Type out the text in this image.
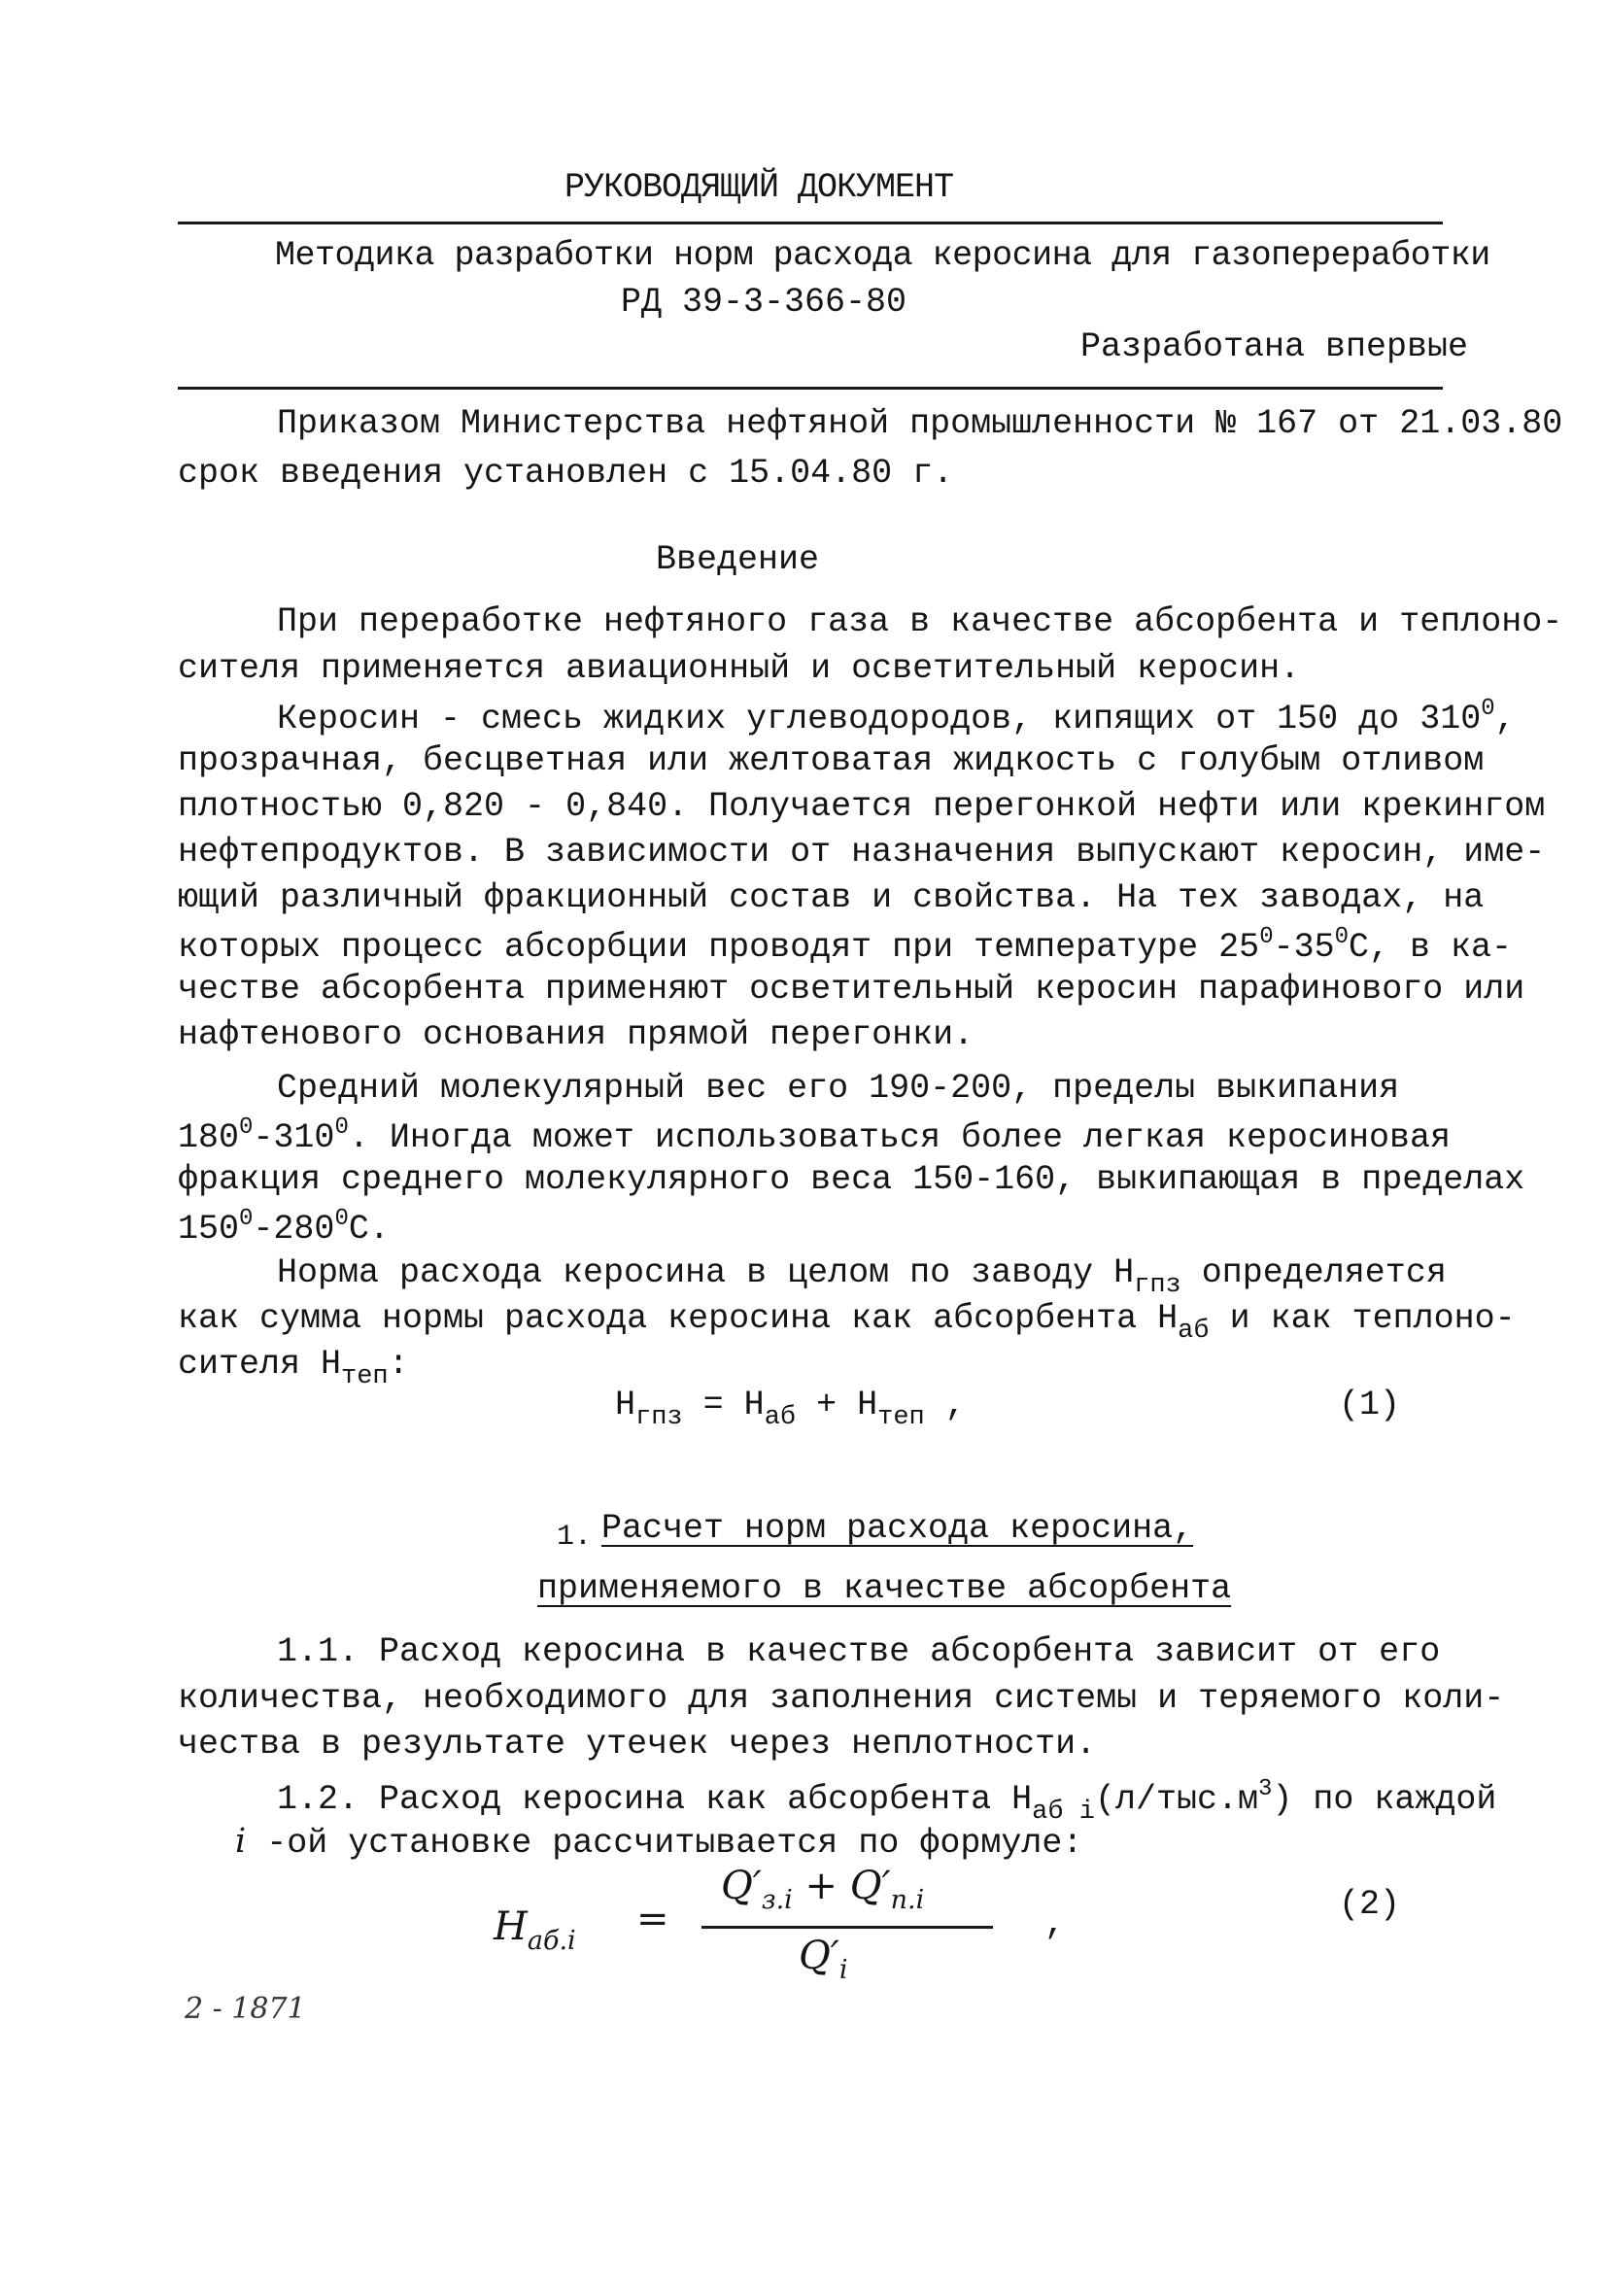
РУКОВОДЯЩИЙ ДОКУМЕНТ
Методика разработки норм расхода керосина для газопереработки
РД 39-3-366-80
Разработана впервые
Приказом Министерства нефтяной промышленности № 167 от 21.03.80
срок введения установлен с 15.04.80 г.
Введение
При переработке нефтяного газа в качестве абсорбента и теплоно-
сителя применяется авиационный и осветительный керосин.
Керосин - смесь жидких углеводородов, кипящих от 150 до $310^0$,
прозрачная, бесцветная или желтоватая жидкость с голубым отливом
плотностью 0,820 - 0,840. Получается перегонкой нефти или крекингом
нефтепродуктов. В зависимости от назначения выпускают керосин, име-
ющий различный фракционный состав и свойства. На тех заводах, на
которых процесс абсорбции проводят при температуре $25^0-35^0С$, в ка-
честве абсорбента применяют осветительный керосин парафинового или
нафтенового основания прямой перегонки.
Средний молекулярный вес его 190-200, пределы выкипания
$180^0-310^0$. Иногда может использоваться более легкая керосиновая
фракция среднего молекулярного веса 150-160, выкипающая в пределах
$150^0-280^0С$.
Норма расхода керосина в целом по заводу $Н_{гпз}$ определяется
как сумма нормы расхода керосина как абсорбента $Н_{аб}$ и как теплоно-
сителя $Н_{теп}$:
$Н_{гпз} = Н_{аб} + Н_{теп}$ ,	(1)
1. Расчет норм расхода керосина,
применяемого в качестве абсорбента
1.1. Расход керосина в качестве абсорбента зависит от его
количества, необходимого для заполнения системы и теряемого коли-
чества в результате утечек через неплотности.
1.2. Расход керосина как абсорбента $Н_{аб i}(л/тыс.м^3)$ по каждой
i -ой установке рассчитывается по формуле:
$H_{аб.i}$ =
$Q'_{з.i} + Q'_{п.i}$
$Q'_i$
,	(2)
2 - 1871
